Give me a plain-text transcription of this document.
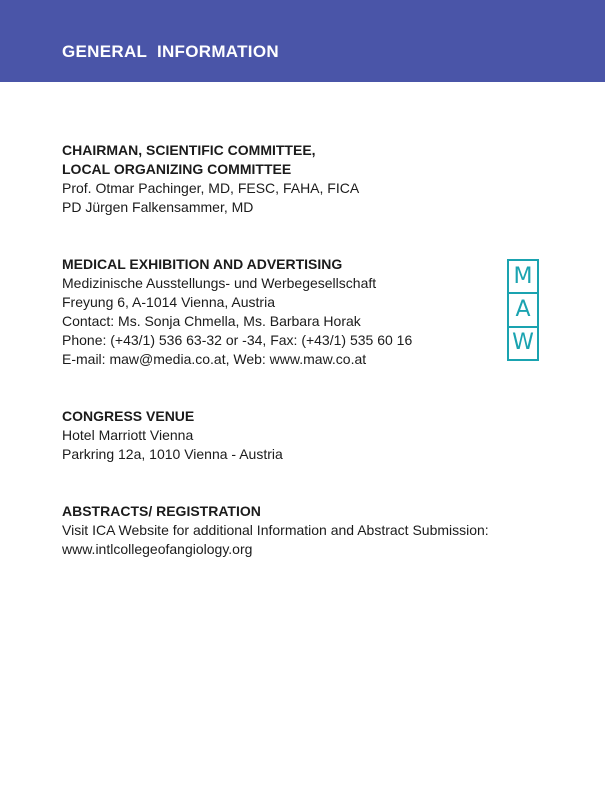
GENERAL  INFORMATION
CHAIRMAN, SCIENTIFIC COMMITTEE,
LOCAL ORGANIZING COMMITTEE
Prof. Otmar Pachinger, MD, FESC, FAHA, FICA
PD Jürgen Falkensammer, MD
MEDICAL EXHIBITION AND ADVERTISING
Medizinische Ausstellungs- und Werbegesellschaft
Freyung 6, A-1014 Vienna, Austria
Contact: Ms. Sonja Chmella, Ms. Barbara Horak
Phone: (+43/1) 536 63-32 or -34, Fax: (+43/1) 535 60 16
E-mail: maw@media.co.at, Web: www.maw.co.at
M
A
W
CONGRESS VENUE
Hotel Marriott Vienna
Parkring 12a, 1010 Vienna - Austria
ABSTRACTS/ REGISTRATION
Visit ICA Website for additional Information and Abstract Submission:
www.intlcollegeofangiology.org
